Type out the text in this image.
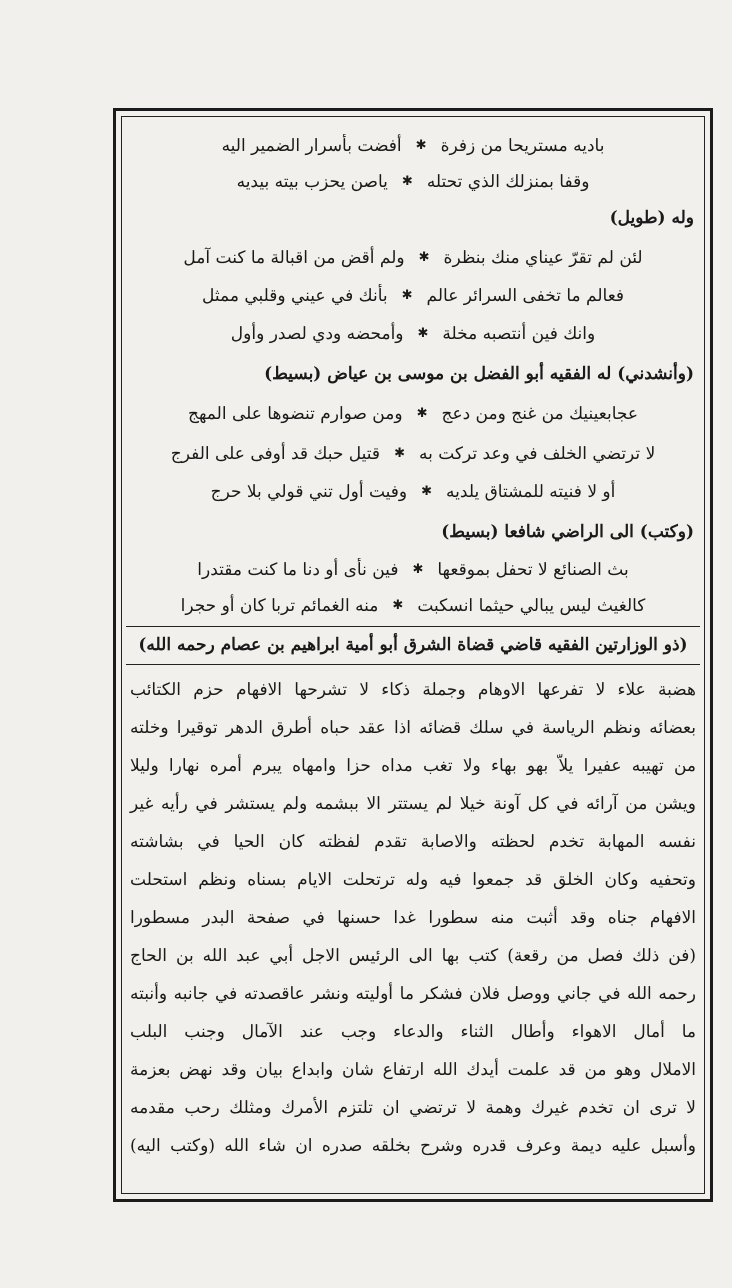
باديه مستريحا من زفرة
✱
أفضت بأسرار الضمير اليه
وقفا بمنزلك الذي تحتله
✱
ياصن يحزب بيته بيديه
وله (طويل)
لئن لم تقرّ عيناي منك بنظرة
✱
ولم أقض من اقبالة ما كنت آمل
فعالم ما تخفى السرائر عالم
✱
بأنك في عيني وقلبي ممثل
وانك فين أنتصبه مخلة
✱
وأمحضه ودي لصدر وأول
(وأنشدني) له الفقيه أبو الفضل بن موسى بن عياض (بسيط)
عجابعينيك من غنج ومن دعج
✱
ومن صوارم تنضوها على المهج
لا ترتضي الخلف في وعد تركت به
✱
قتيل حبك قد أوفى على الفرج
أو لا فنيته للمشتاق يلديه
✱
وفيت أول تني قولي بلا حرج
(وكتب) الى الراضي شافعا (بسيط)
بث الصنائع لا تحفل بموقعها
✱
فين نأى أو دنا ما كنت مقتدرا
كالغيث ليس يبالي حيثما انسكبت
✱
منه الغمائم تربا كان أو حجرا
(ذو الوزارتين الفقيه قاضي قضاة الشرق أبو أمية ابراهيم بن عصام رحمه الله)
هضبة علاء لا تفرعها الاوهام وجملة ذكاء لا تشرحها الافهام حزم الكتائب
بعضائه ونظم الرياسة في سلك قضائه اذا عقد حباه أطرق الدهر توقيرا وخلته
من تهيبه عفيرا يلاًّ بهو بهاء ولا تغب مداه حزا وامهاه يبرم أمره نهارا وليلا
ويشن من آرائه في كل آونة خيلا لم يستتر الا ببشمه ولم يستشر في رأيه غير
نفسه المهابة تخدم لحظته والاصابة تقدم لفظته كان الحيا في بشاشته
وتحفيه وكان الخلق قد جمعوا فيه وله ترتحلت الايام بسناه ونظم استحلت
الافهام جناه وقد أثبت منه سطورا غدا حسنها في صفحة البدر مسطورا
(فن ذلك فصل من رقعة) كتب بها الى الرئيس الاجل أبي عبد الله بن الحاج
رحمه الله في جاني ووصل فلان فشكر ما أوليته ونشر عاقصدته في جانبه وأنبته
ما أمال الاهواء وأطال الثناء والدعاء وجب عند الآمال وجنب البلب
الاملال وهو من قد علمت أيدك الله ارتفاع شان وابداع بيان وقد نهض بعزمة
لا ترى ان تخدم غيرك وهمة لا ترتضي ان تلتزم الأمرك ومثلك رحب مقدمه
وأسبل عليه ديمة وعرف قدره وشرح بخلقه صدره ان شاء الله (وكتب اليه)
